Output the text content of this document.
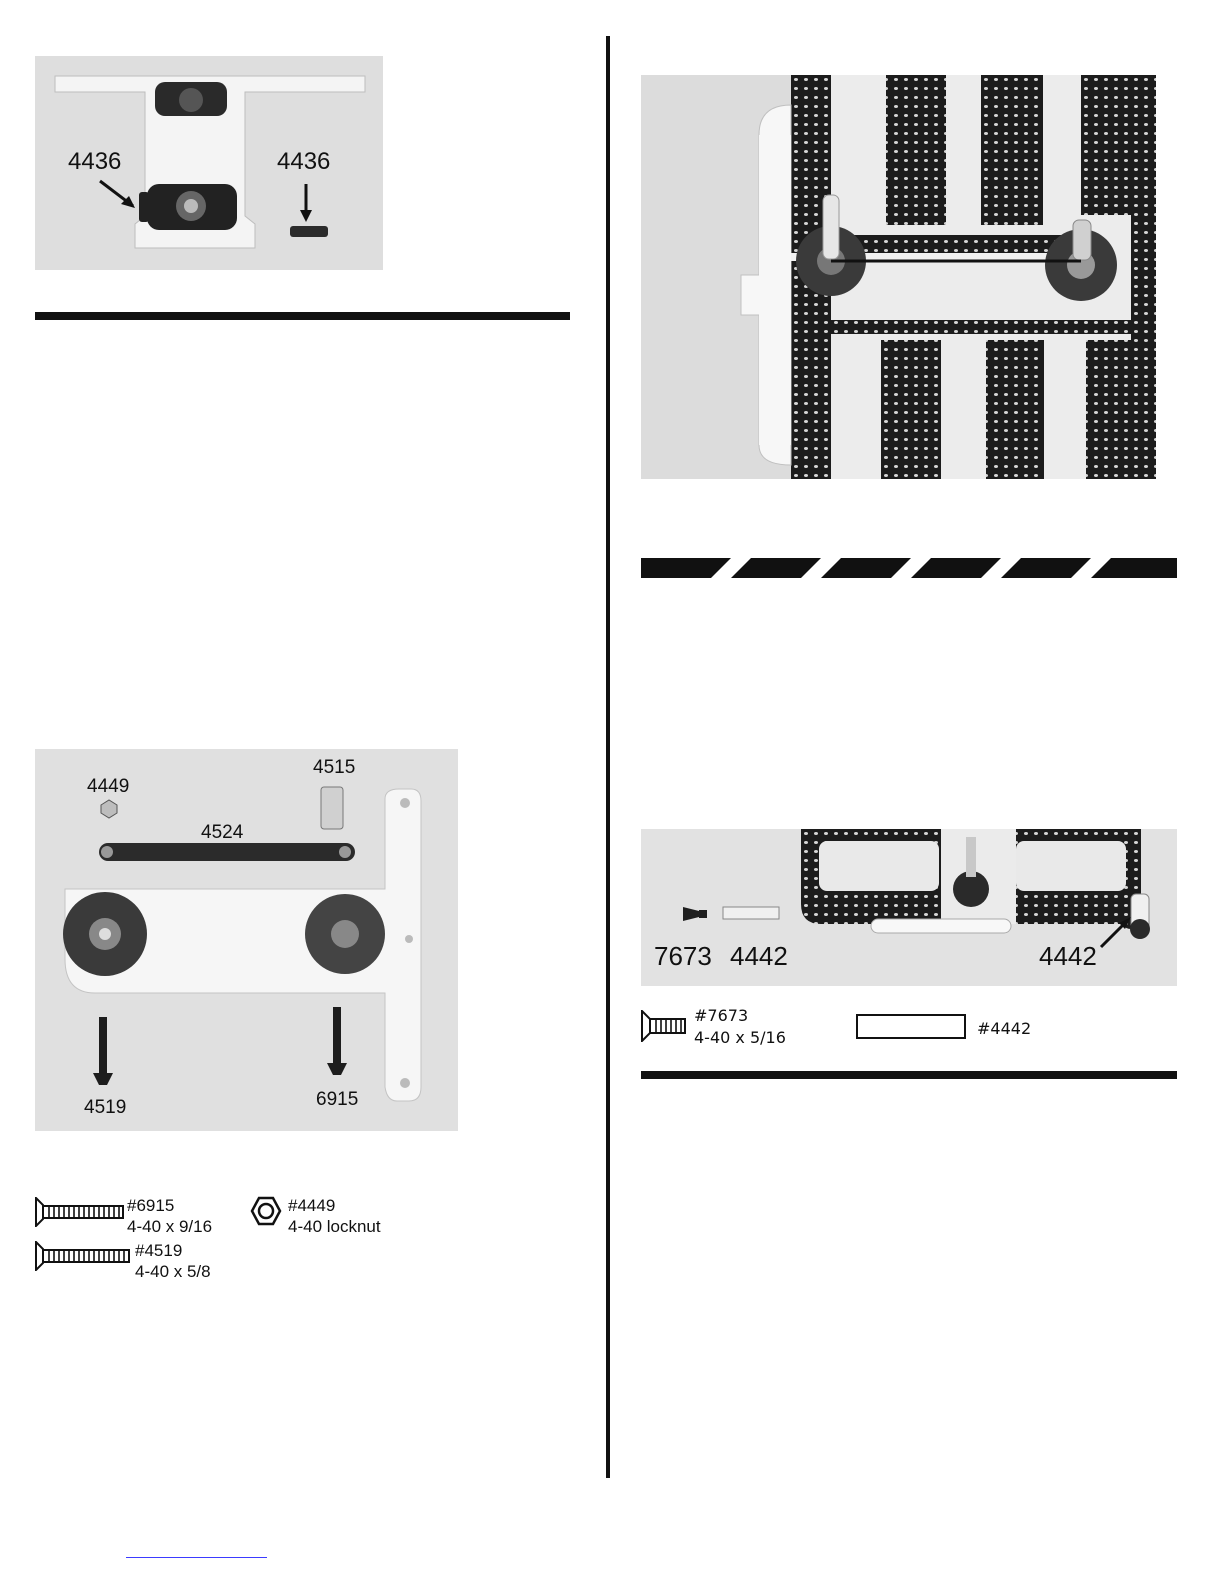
4436	4436
4449
4515
4524
4519	6915
#6915
4-40 x 9/16
#4519
4-40 x 5/8
#4449
4-40 locknut
7673 4442	4442
#7673
4-40 x 5/16	#4442
